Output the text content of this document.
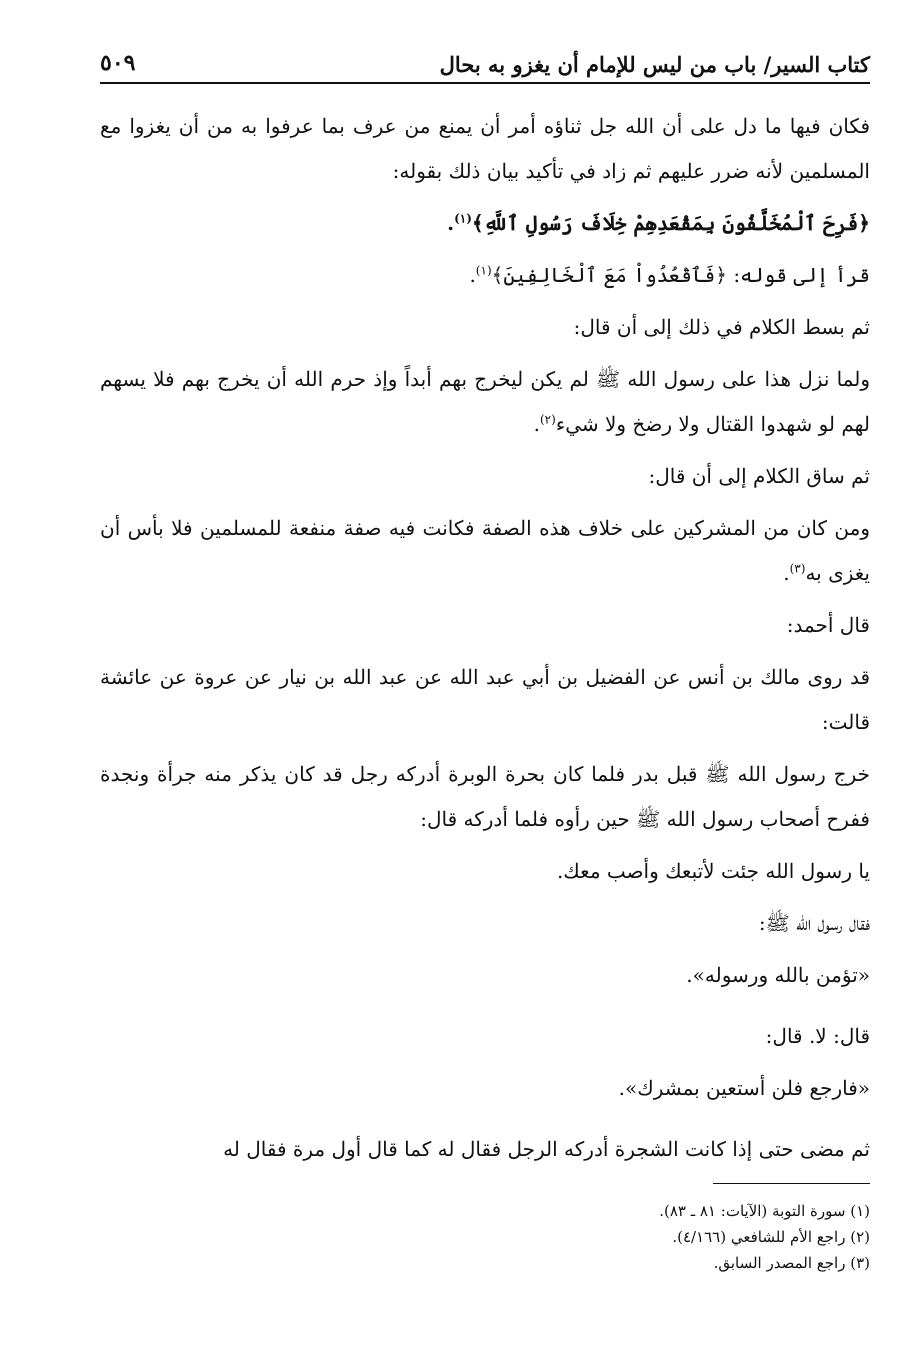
كتاب السير/ باب من ليس للإمام أن يغزو به بحال
٥٠٩

فكان فيها ما دل على أن الله جل ثناؤه أمر أن يمنع من عرف بما عرفوا به من أن يغزوا مع المسلمين لأنه ضرر عليهم ثم زاد في تأكيد بيان ذلك بقوله:

﴿فَرِحَ ٱلْمُخَلَّفُونَ بِمَقْعَدِهِمْ خِلَافَ رَسُولِ ٱللَّهِ﴾$^{(١)}$.

قرأ إلى قوله: ﴿فَٱقْعُدُواْ مَعَ ٱلْخَالِفِينَ﴾$^{(١)}$.

ثم بسط الكلام في ذلك إلى أن قال:

ولما نزل هذا على رسول الله ﷺ لم يكن ليخرج بهم أبداً وإذ حرم الله أن يخرج بهم فلا يسهم لهم لو شهدوا القتال ولا رضخ ولا شيء$^{(٢)}$.

ثم ساق الكلام إلى أن قال:

ومن كان من المشركين على خلاف هذه الصفة فكانت فيه صفة منفعة للمسلمين فلا بأس أن يغزى به$^{(٣)}$.

قال أحمد:

قد روى مالك بن أنس عن الفضيل بن أبي عبد الله عن عبد الله بن نيار عن عروة عن عائشة قالت:

خرج رسول الله ﷺ قبل بدر فلما كان بحرة الوبرة أدركه رجل قد كان يذكر منه جرأة ونجدة ففرح أصحاب رسول الله ﷺ حين رأوه فلما أدركه قال:

يا رسول الله جئت لأتبعك وأصب معك.

فقال رسول الله ﷺ:

«تؤمن بالله ورسوله».

قال: لا. قال:

«فارجع فلن أستعين بمشرك».

ثم مضى حتى إذا كانت الشجرة أدركه الرجل فقال له كما قال أول مرة فقال له

(١) سورة التوبة (الآيات: ٨١ ـ ٨٣).

(٢) راجع الأم للشافعي (٤/١٦٦).

(٣) راجع المصدر السابق.
